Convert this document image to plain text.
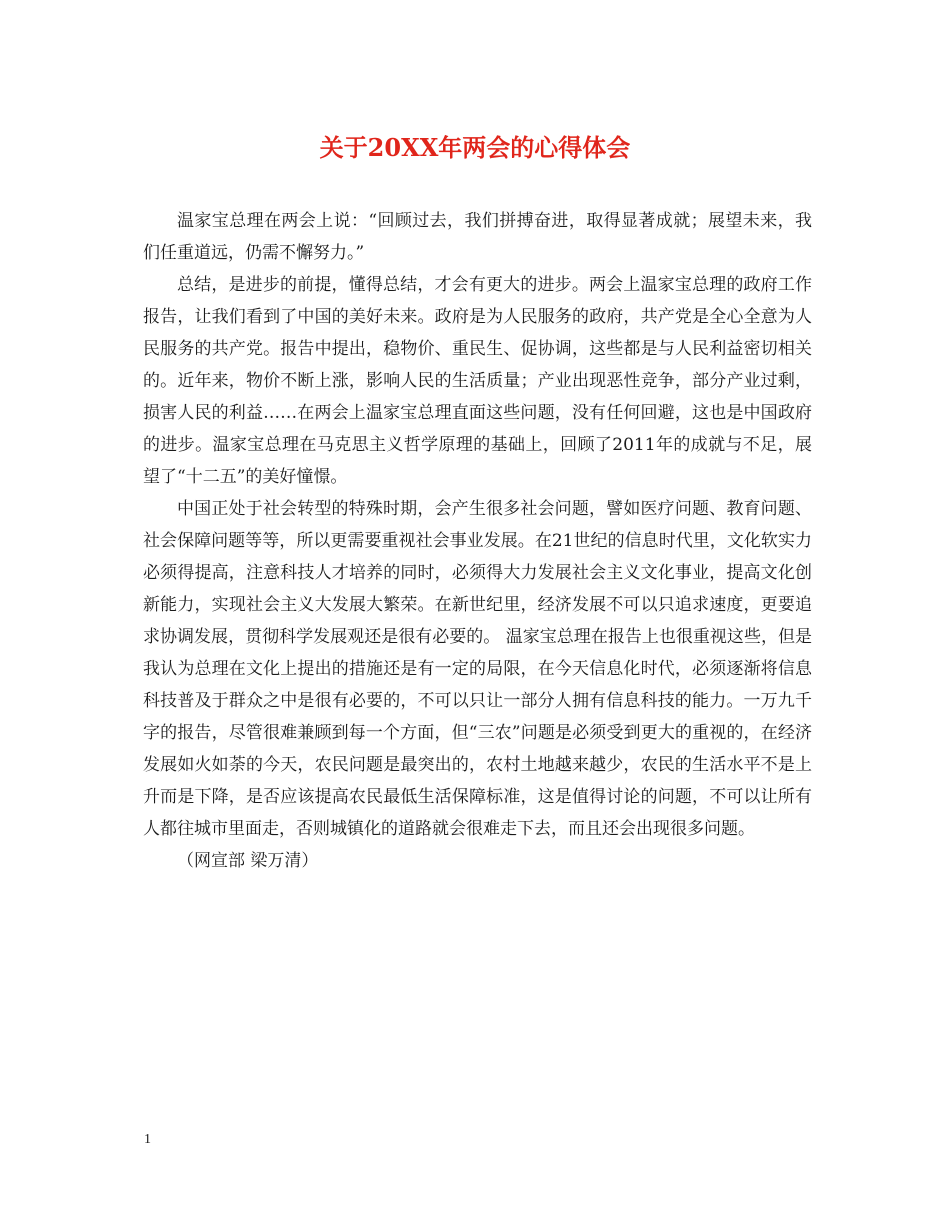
关于20XX年两会的心得体会

温家宝总理在两会上说：“回顾过去，我们拼搏奋进，取得显著成就；展望未来，我们任重道远，仍需不懈努力。”

总结，是进步的前提，懂得总结，才会有更大的进步。两会上温家宝总理的政府工作报告，让我们看到了中国的美好未来。政府是为人民服务的政府，共产党是全心全意为人民服务的共产党。报告中提出，稳物价、重民生、促协调，这些都是与人民利益密切相关的。近年来，物价不断上涨，影响人民的生活质量；产业出现恶性竞争，部分产业过剩，损害人民的利益……在两会上温家宝总理直面这些问题，没有任何回避，这也是中国政府的进步。温家宝总理在马克思主义哲学原理的基础上，回顾了2011年的成就与不足，展望了“十二五”的美好憧憬。

中国正处于社会转型的特殊时期，会产生很多社会问题，譬如医疗问题、教育问题、社会保障问题等等，所以更需要重视社会事业发展。在21世纪的信息时代里，文化软实力必须得提高，注意科技人才培养的同时，必须得大力发展社会主义文化事业，提高文化创新能力，实现社会主义大发展大繁荣。在新世纪里，经济发展不可以只追求速度，更要追求协调发展，贯彻科学发展观还是很有必要的。 温家宝总理在报告上也很重视这些，但是我认为总理在文化上提出的措施还是有一定的局限，在今天信息化时代，必须逐渐将信息科技普及于群众之中是很有必要的，不可以只让一部分人拥有信息科技的能力。一万九千字的报告，尽管很难兼顾到每一个方面，但“三农”问题是必须受到更大的重视的，在经济发展如火如荼的今天，农民问题是最突出的，农村土地越来越少，农民的生活水平不是上升而是下降，是否应该提高农民最低生活保障标准，这是值得讨论的问题，不可以让所有人都往城市里面走，否则城镇化的道路就会很难走下去，而且还会出现很多问题。

（网宣部 梁万清）

1
